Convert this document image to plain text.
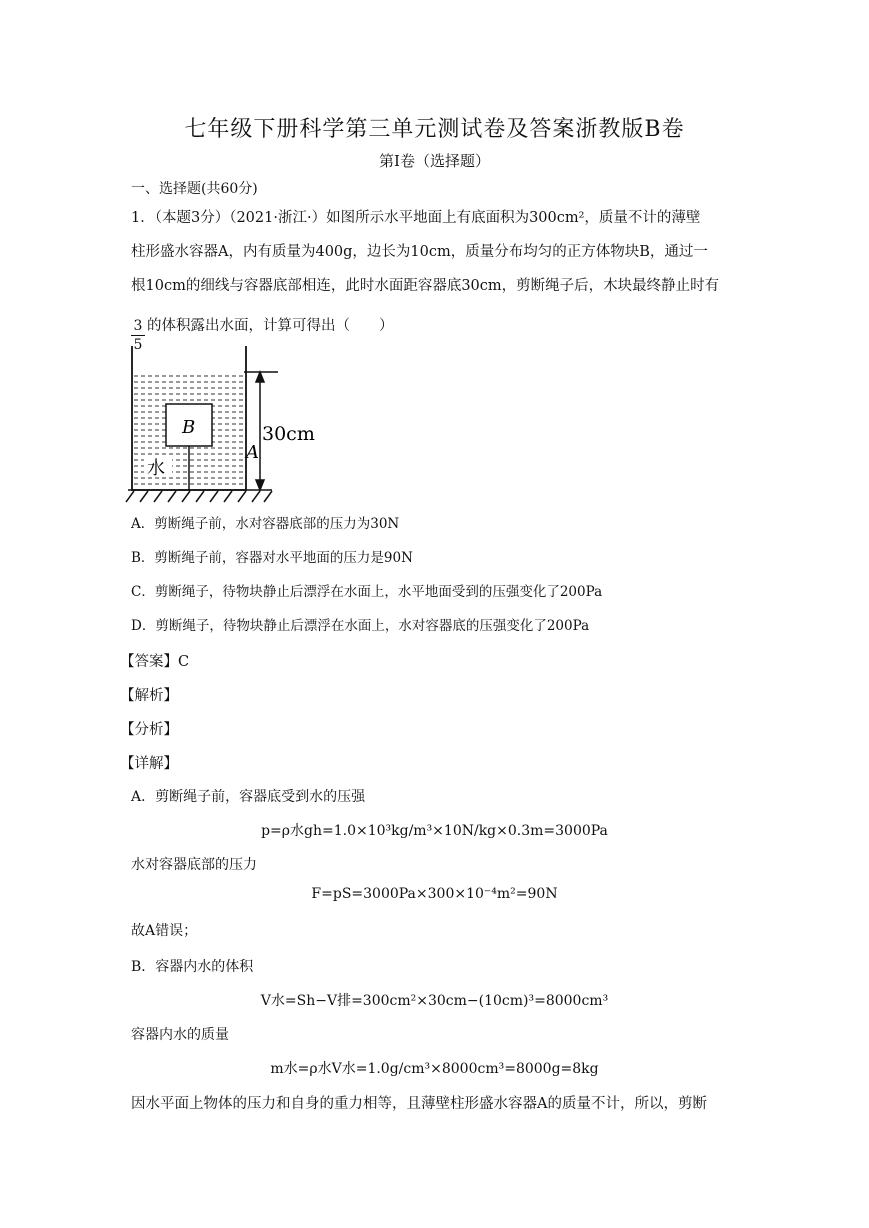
七年级下册科学第三单元测试卷及答案浙教版B卷
第Ⅰ卷（选择题）
一、选择题(共60分)
1．（本题3分）（2021·浙江·）如图所示水平地面上有底面积为300cm²，质量不计的薄壁
柱形盛水容器A，内有质量为400g，边长为10cm，质量分布均匀的正方体物块B，通过一
根10cm的细线与容器底部相连，此时水面距容器底30cm，剪断绳子后，木块最终静止时有
3
5
的体积露出水面，计算可得出（　　）
B
水
A
30cm
A．剪断绳子前，水对容器底部的压力为30N
B．剪断绳子前，容器对水平地面的压力是90N
C．剪断绳子，待物块静止后漂浮在水面上，水平地面受到的压强变化了200Pa
D．剪断绳子，待物块静止后漂浮在水面上，水对容器底的压强变化了200Pa
【答案】C
【解析】
【分析】
【详解】
A．剪断绳子前，容器底受到水的压强
p=ρ水gh=1.0×10³kg/m³×10N/kg×0.3m=3000Pa
水对容器底部的压力
F=pS=3000Pa×300×10⁻⁴m²=90N
故A错误；
B．容器内水的体积
V水=Sh−V排=300cm²×30cm−(10cm)³=8000cm³
容器内水的质量
m水=ρ水V水=1.0g/cm³×8000cm³=8000g=8kg
因水平面上物体的压力和自身的重力相等，且薄壁柱形盛水容器A的质量不计，所以，剪断
